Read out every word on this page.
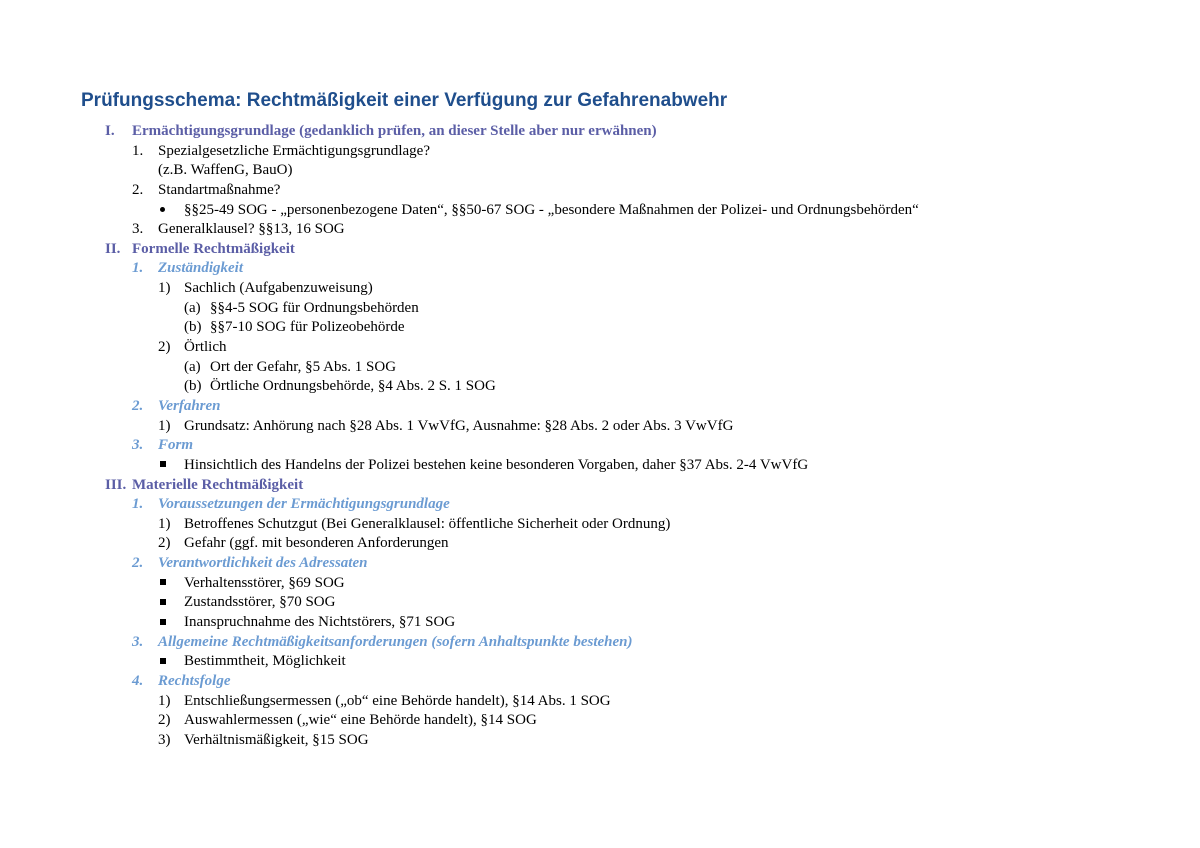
Prüfungsschema: Rechtmäßigkeit einer Verfügung zur Gefahrenabwehr
I. Ermächtigungsgrundlage (gedanklich prüfen, an dieser Stelle aber nur erwähnen)
1. Spezialgesetzliche Ermächtigungsgrundlage?
(z.B. WaffenG, BauO)
2. Standartmaßnahme?
§§25-49 SOG - „personenbezogene Daten“, §§50-67 SOG - „besondere Maßnahmen der Polizei- und Ordnungsbehörden“
3. Generalklausel? §§13, 16 SOG
II. Formelle Rechtmäßigkeit
1. Zuständigkeit
1) Sachlich (Aufgabenzuweisung)
(a) §§4-5 SOG für Ordnungsbehörden
(b) §§7-10 SOG für Polizeobehörde
2) Örtlich
(a) Ort der Gefahr, §5 Abs. 1 SOG
(b) Örtliche Ordnungsbehörde, §4 Abs. 2 S. 1 SOG
2. Verfahren
1) Grundsatz: Anhörung nach §28 Abs. 1 VwVfG, Ausnahme: §28 Abs. 2 oder Abs. 3 VwVfG
3. Form
Hinsichtlich des Handelns der Polizei bestehen keine besonderen Vorgaben, daher §37 Abs. 2-4 VwVfG
III. Materielle Rechtmäßigkeit
1. Voraussetzungen der Ermächtigungsgrundlage
1) Betroffenes Schutzgut (Bei Generalklausel: öffentliche Sicherheit oder Ordnung)
2) Gefahr (ggf. mit besonderen Anforderungen
2. Verantwortlichkeit des Adressaten
Verhaltensstörer, §69 SOG
Zustandsstörer, §70 SOG
Inanspruchnahme des Nichtstörers, §71 SOG
3. Allgemeine Rechtmäßigkeitsanforderungen (sofern Anhaltspunkte bestehen)
Bestimmtheit, Möglichkeit
4. Rechtsfolge
1) Entschließungsermessen („ob“ eine Behörde handelt), §14 Abs. 1 SOG
2) Auswahlermessen („wie“ eine Behörde handelt), §14 SOG
3) Verhältnismäßigkeit, §15 SOG
